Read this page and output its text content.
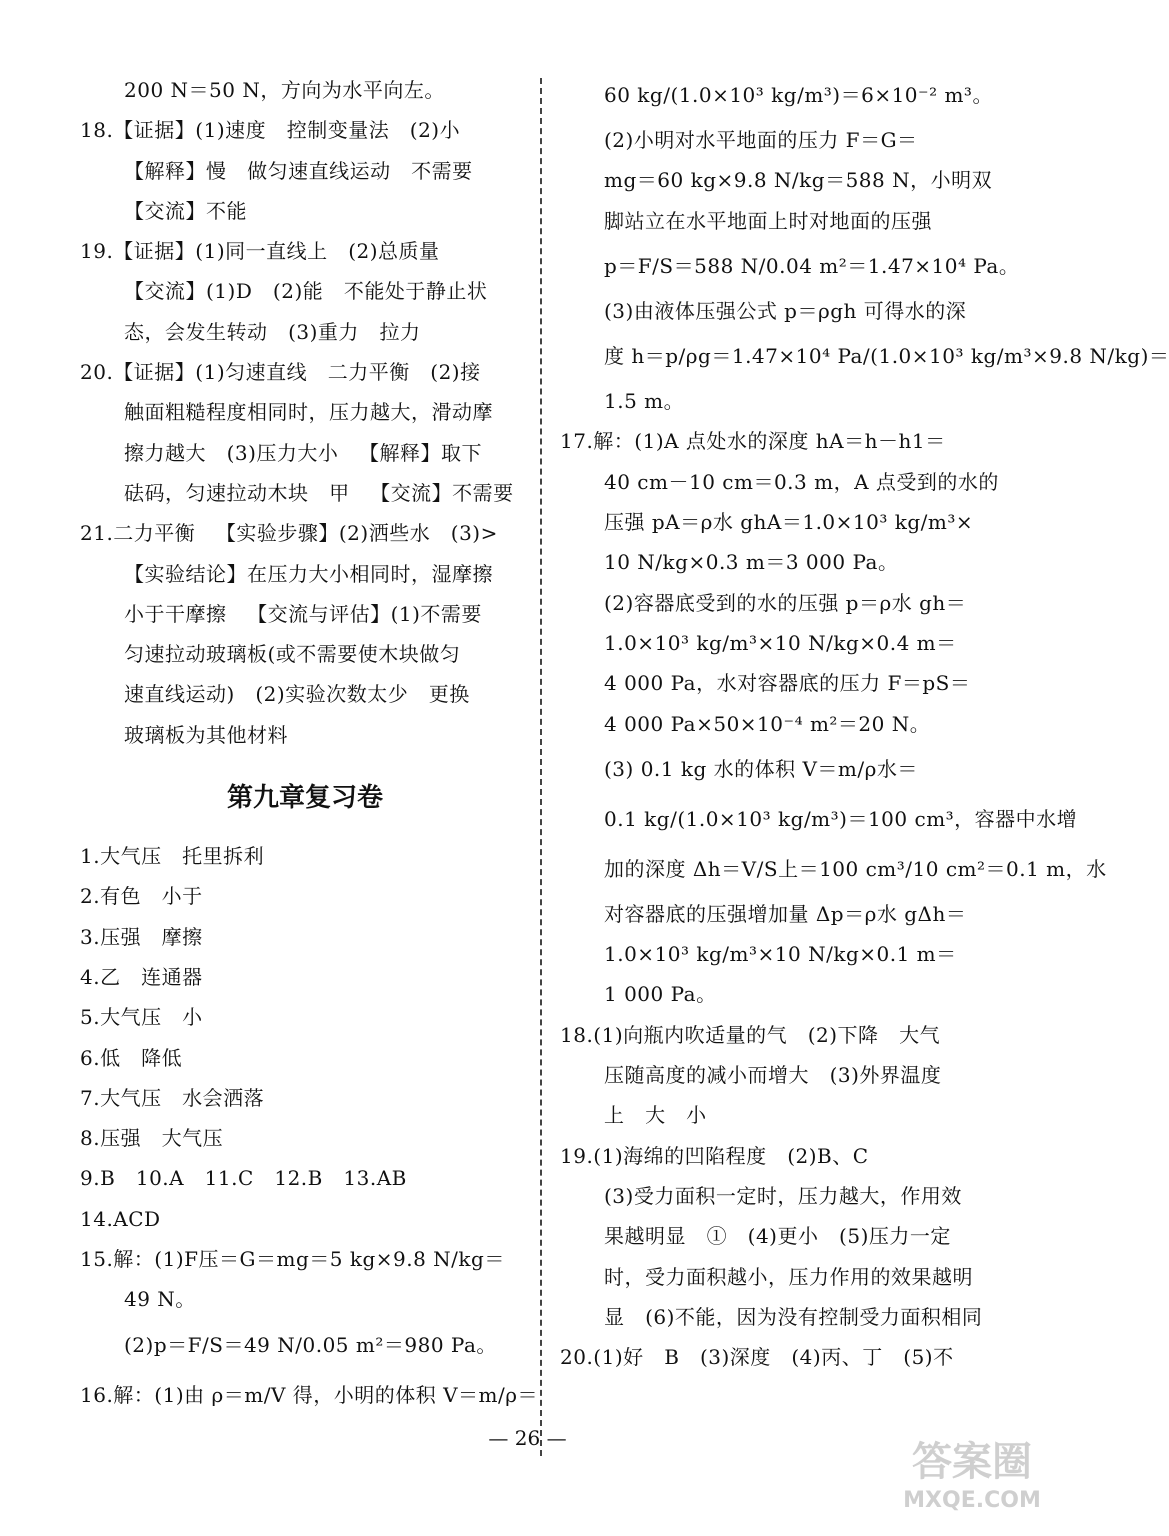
200 N＝50 N，方向为水平向左。
18.【证据】(1)速度   控制变量法   (2)小
【解释】慢   做匀速直线运动   不需要
【交流】不能
19.【证据】(1)同一直线上   (2)总质量
【交流】(1)D   (2)能   不能处于静止状
态，会发生转动   (3)重力   拉力
20.【证据】(1)匀速直线   二力平衡   (2)接
触面粗糙程度相同时，压力越大，滑动摩
擦力越大   (3)压力大小   【解释】取下
砝码，匀速拉动木块   甲   【交流】不需要
21.二力平衡   【实验步骤】(2)洒些水   (3)>
【实验结论】在压力大小相同时，湿摩擦
小于干摩擦   【交流与评估】(1)不需要
匀速拉动玻璃板(或不需要使木块做匀
速直线运动)   (2)实验次数太少   更换
玻璃板为其他材料
第九章复习卷
1.大气压   托里拆利
2.有色   小于
3.压强   摩擦
4.乙   连通器
5.大气压   小
6.低   降低
7.大气压   水会洒落
8.压强   大气压
9.B   10.A   11.C   12.B   13.AB
14.ACD
15.解：(1)F压＝G＝mg＝5 kg×9.8 N/kg＝
49 N。
(2)p＝F/S＝49 N/0.05 m²＝980 Pa。
16.解：(1)由 ρ＝m/V 得，小明的体积 V＝m/ρ＝
60 kg/(1.0×10³ kg/m³)＝6×10⁻² m³。
(2)小明对水平地面的压力 F＝G＝
mg＝60 kg×9.8 N/kg＝588 N，小明双
脚站立在水平地面上时对地面的压强
p＝F/S＝588 N/0.04 m²＝1.47×10⁴ Pa。
(3)由液体压强公式 p＝ρgh 可得水的深
度 h＝p/ρg＝1.47×10⁴ Pa/(1.0×10³ kg/m³×9.8 N/kg)＝
1.5 m。
17.解：(1)A 点处水的深度 hA＝h－h1＝
40 cm－10 cm＝0.3 m，A 点受到的水的
压强 pA＝ρ水 ghA＝1.0×10³ kg/m³×
10 N/kg×0.3 m＝3 000 Pa。
(2)容器底受到的水的压强 p＝ρ水 gh＝
1.0×10³ kg/m³×10 N/kg×0.4 m＝
4 000 Pa，水对容器底的压力 F＝pS＝
4 000 Pa×50×10⁻⁴ m²＝20 N。
(3) 0.1 kg 水的体积 V＝m/ρ水＝
0.1 kg/(1.0×10³ kg/m³)＝100 cm³，容器中水增
加的深度 Δh＝V/S上＝100 cm³/10 cm²＝0.1 m，水
对容器底的压强增加量 Δp＝ρ水 gΔh＝
1.0×10³ kg/m³×10 N/kg×0.1 m＝
1 000 Pa。
18.(1)向瓶内吹适量的气   (2)下降   大气
压随高度的减小而增大   (3)外界温度
上   大   小
19.(1)海绵的凹陷程度   (2)B、C
(3)受力面积一定时，压力越大，作用效
果越明显   ①   (4)更小   (5)压力一定
时，受力面积越小，压力作用的效果越明
显   (6)不能，因为没有控制受力面积相同
20.(1)好   B   (3)深度   (4)丙、丁   (5)不
— 26 —
答案圈
MXQE.COM
